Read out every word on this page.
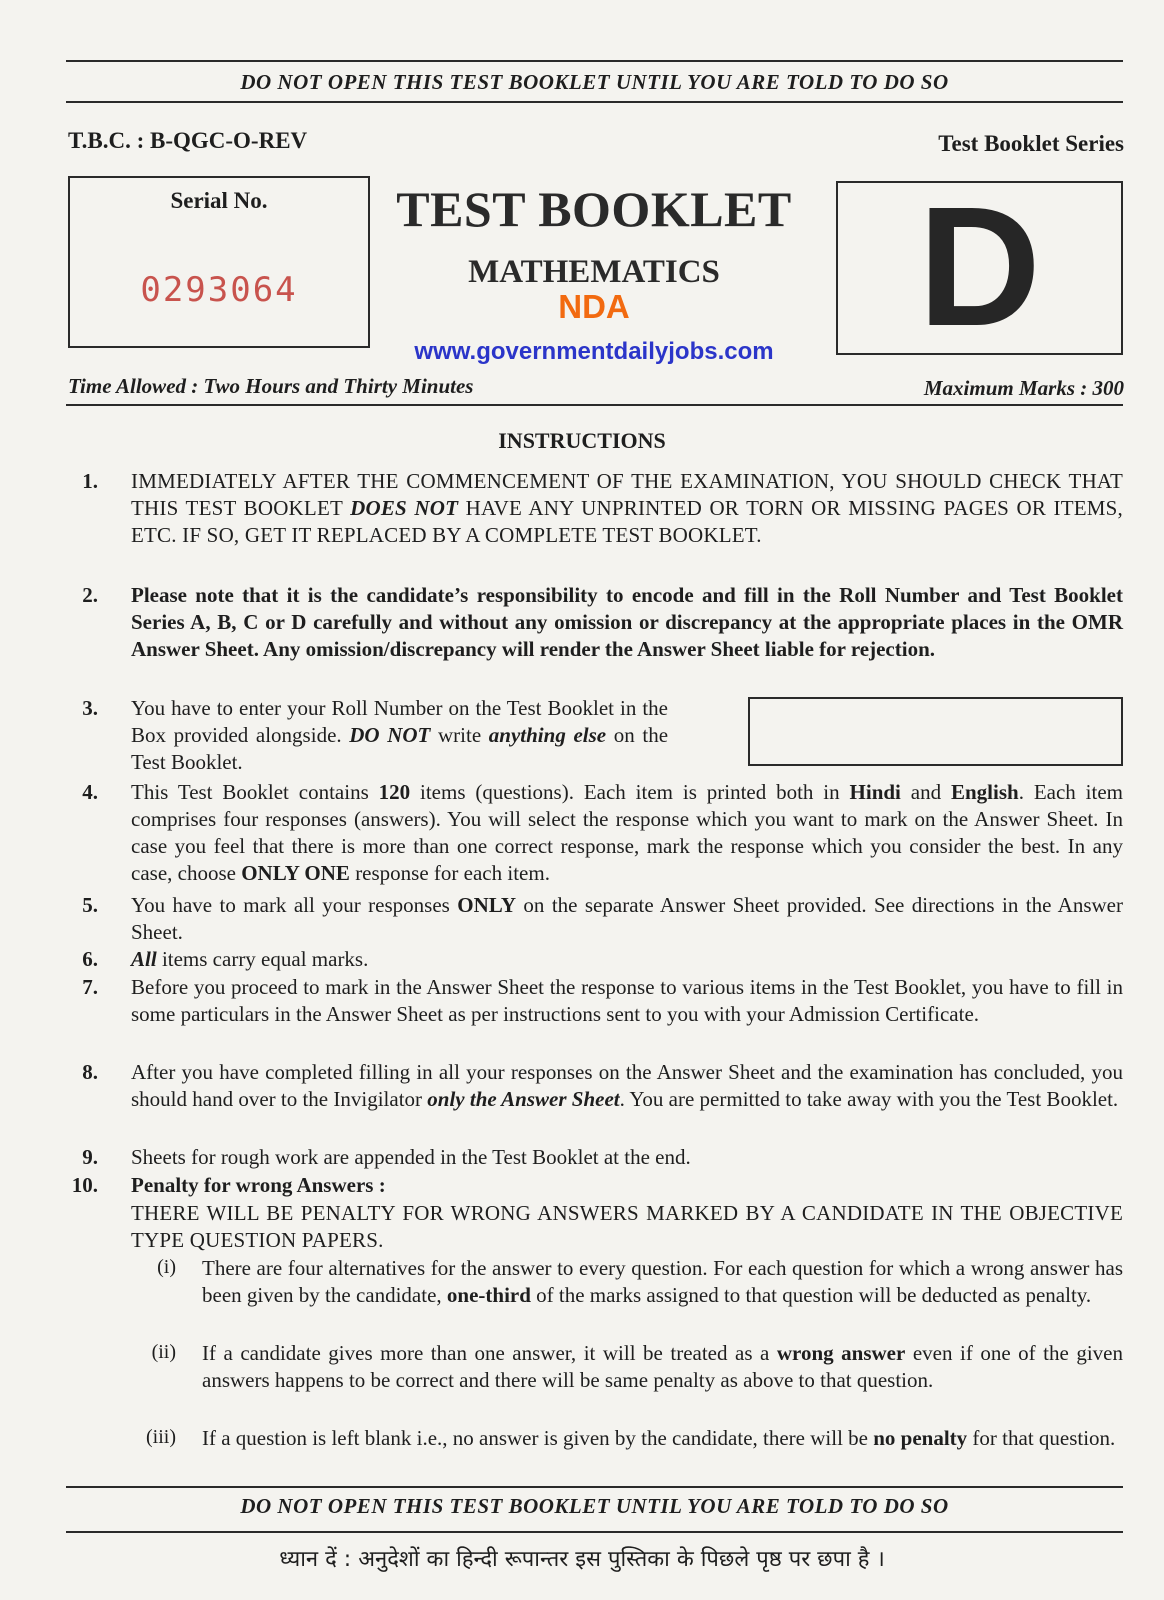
DO NOT OPEN THIS TEST BOOKLET UNTIL YOU ARE TOLD TO DO SO
T.B.C. : B-QGC-O-REV	Test Booklet Series
Serial No.
0293064
TEST BOOKLET
MATHEMATICS
NDA
www.governmentdailyjobs.com D
Time Allowed : Two Hours and Thirty Minutes	Maximum Marks : 300
INSTRUCTIONS
1. IMMEDIATELY AFTER THE COMMENCEMENT OF THE EXAMINATION, YOU SHOULD CHECK THAT THIS TEST BOOKLET DOES NOT HAVE ANY UNPRINTED OR TORN OR MISSING PAGES OR ITEMS, ETC. IF SO, GET IT REPLACED BY A COMPLETE TEST BOOKLET.
2. Please note that it is the candidate’s responsibility to encode and fill in the Roll Number and Test Booklet Series A, B, C or D carefully and without any omission or discrepancy at the appropriate places in the OMR Answer Sheet. Any omission/discrepancy will render the Answer Sheet liable for rejection.
3. You have to enter your Roll Number on the Test Booklet in the Box provided alongside. DO NOT write anything else on the Test Booklet.
4. This Test Booklet contains 120 items (questions). Each item is printed both in Hindi and English. Each item comprises four responses (answers). You will select the response which you want to mark on the Answer Sheet. In case you feel that there is more than one correct response, mark the response which you consider the best. In any case, choose ONLY ONE response for each item.
5. You have to mark all your responses ONLY on the separate Answer Sheet provided. See directions in the Answer Sheet.
6. All items carry equal marks.
7. Before you proceed to mark in the Answer Sheet the response to various items in the Test Booklet, you have to fill in some particulars in the Answer Sheet as per instructions sent to you with your Admission Certificate.
8. After you have completed filling in all your responses on the Answer Sheet and the examination has concluded, you should hand over to the Invigilator only the Answer Sheet. You are permitted to take away with you the Test Booklet.
9. Sheets for rough work are appended in the Test Booklet at the end.
10. Penalty for wrong Answers :
THERE WILL BE PENALTY FOR WRONG ANSWERS MARKED BY A CANDIDATE IN THE OBJECTIVE TYPE QUESTION PAPERS.
(i) There are four alternatives for the answer to every question. For each question for which a wrong answer has been given by the candidate, one-third of the marks assigned to that question will be deducted as penalty.
(ii) If a candidate gives more than one answer, it will be treated as a wrong answer even if one of the given answers happens to be correct and there will be same penalty as above to that question.
(iii) If a question is left blank i.e., no answer is given by the candidate, there will be no penalty for that question.
DO NOT OPEN THIS TEST BOOKLET UNTIL YOU ARE TOLD TO DO SO
ध्यान दें : अनुदेशों का हिन्दी रूपान्तर इस पुस्तिका के पिछले पृष्ठ पर छपा है ।
